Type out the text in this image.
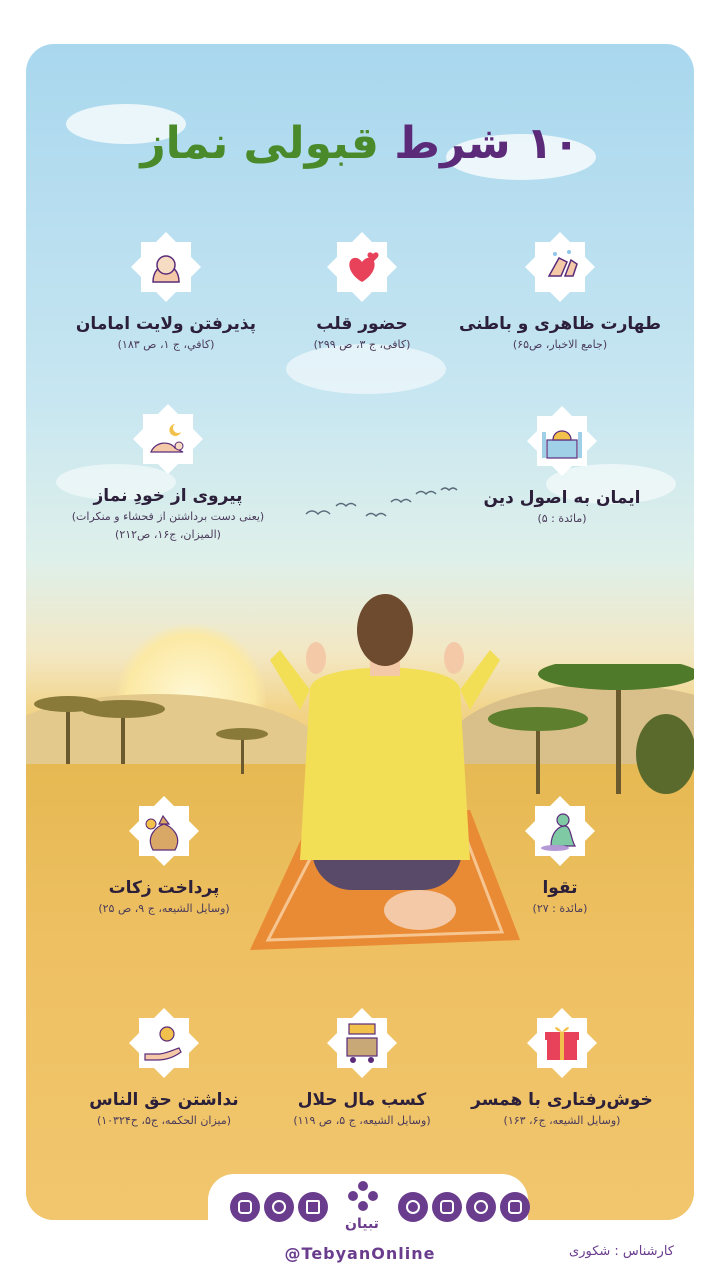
۱۰ شرط قبولی نماز
طهارت ظاهری و باطنی
(جامع الاخبار، ص۶۵)
حضور قلب
(کافی، ج ۳، ص ۲۹۹)
پذیرفتن ولایت امامان
(کافي، ج ۱، ص ۱۸۳)
ایمان به اصول دین
(مائدة : ۵)
پیروی از خودِ نماز
(یعنی دست برداشتن از فحشاء و منکرات)
(المیزان، ج۱۶، ص۲۱۲)
تقوا
(مائدة : ۲۷)
پرداخت زکات
(وسایل الشیعه، ج ۹، ص ۲۵)
خوش‌رفتاری با همسر
(وسایل الشیعه، ج۶، ۱۶۳)
کسب مال حلال
(وسایل الشیعه، ج ۵، ص ۱۱۹)
نداشتن حق الناس
(میزان الحکمه، ج۵، ح۱۰۳۲۴)
تبیان
@TebyanOnline	کارشناس : شکوری
